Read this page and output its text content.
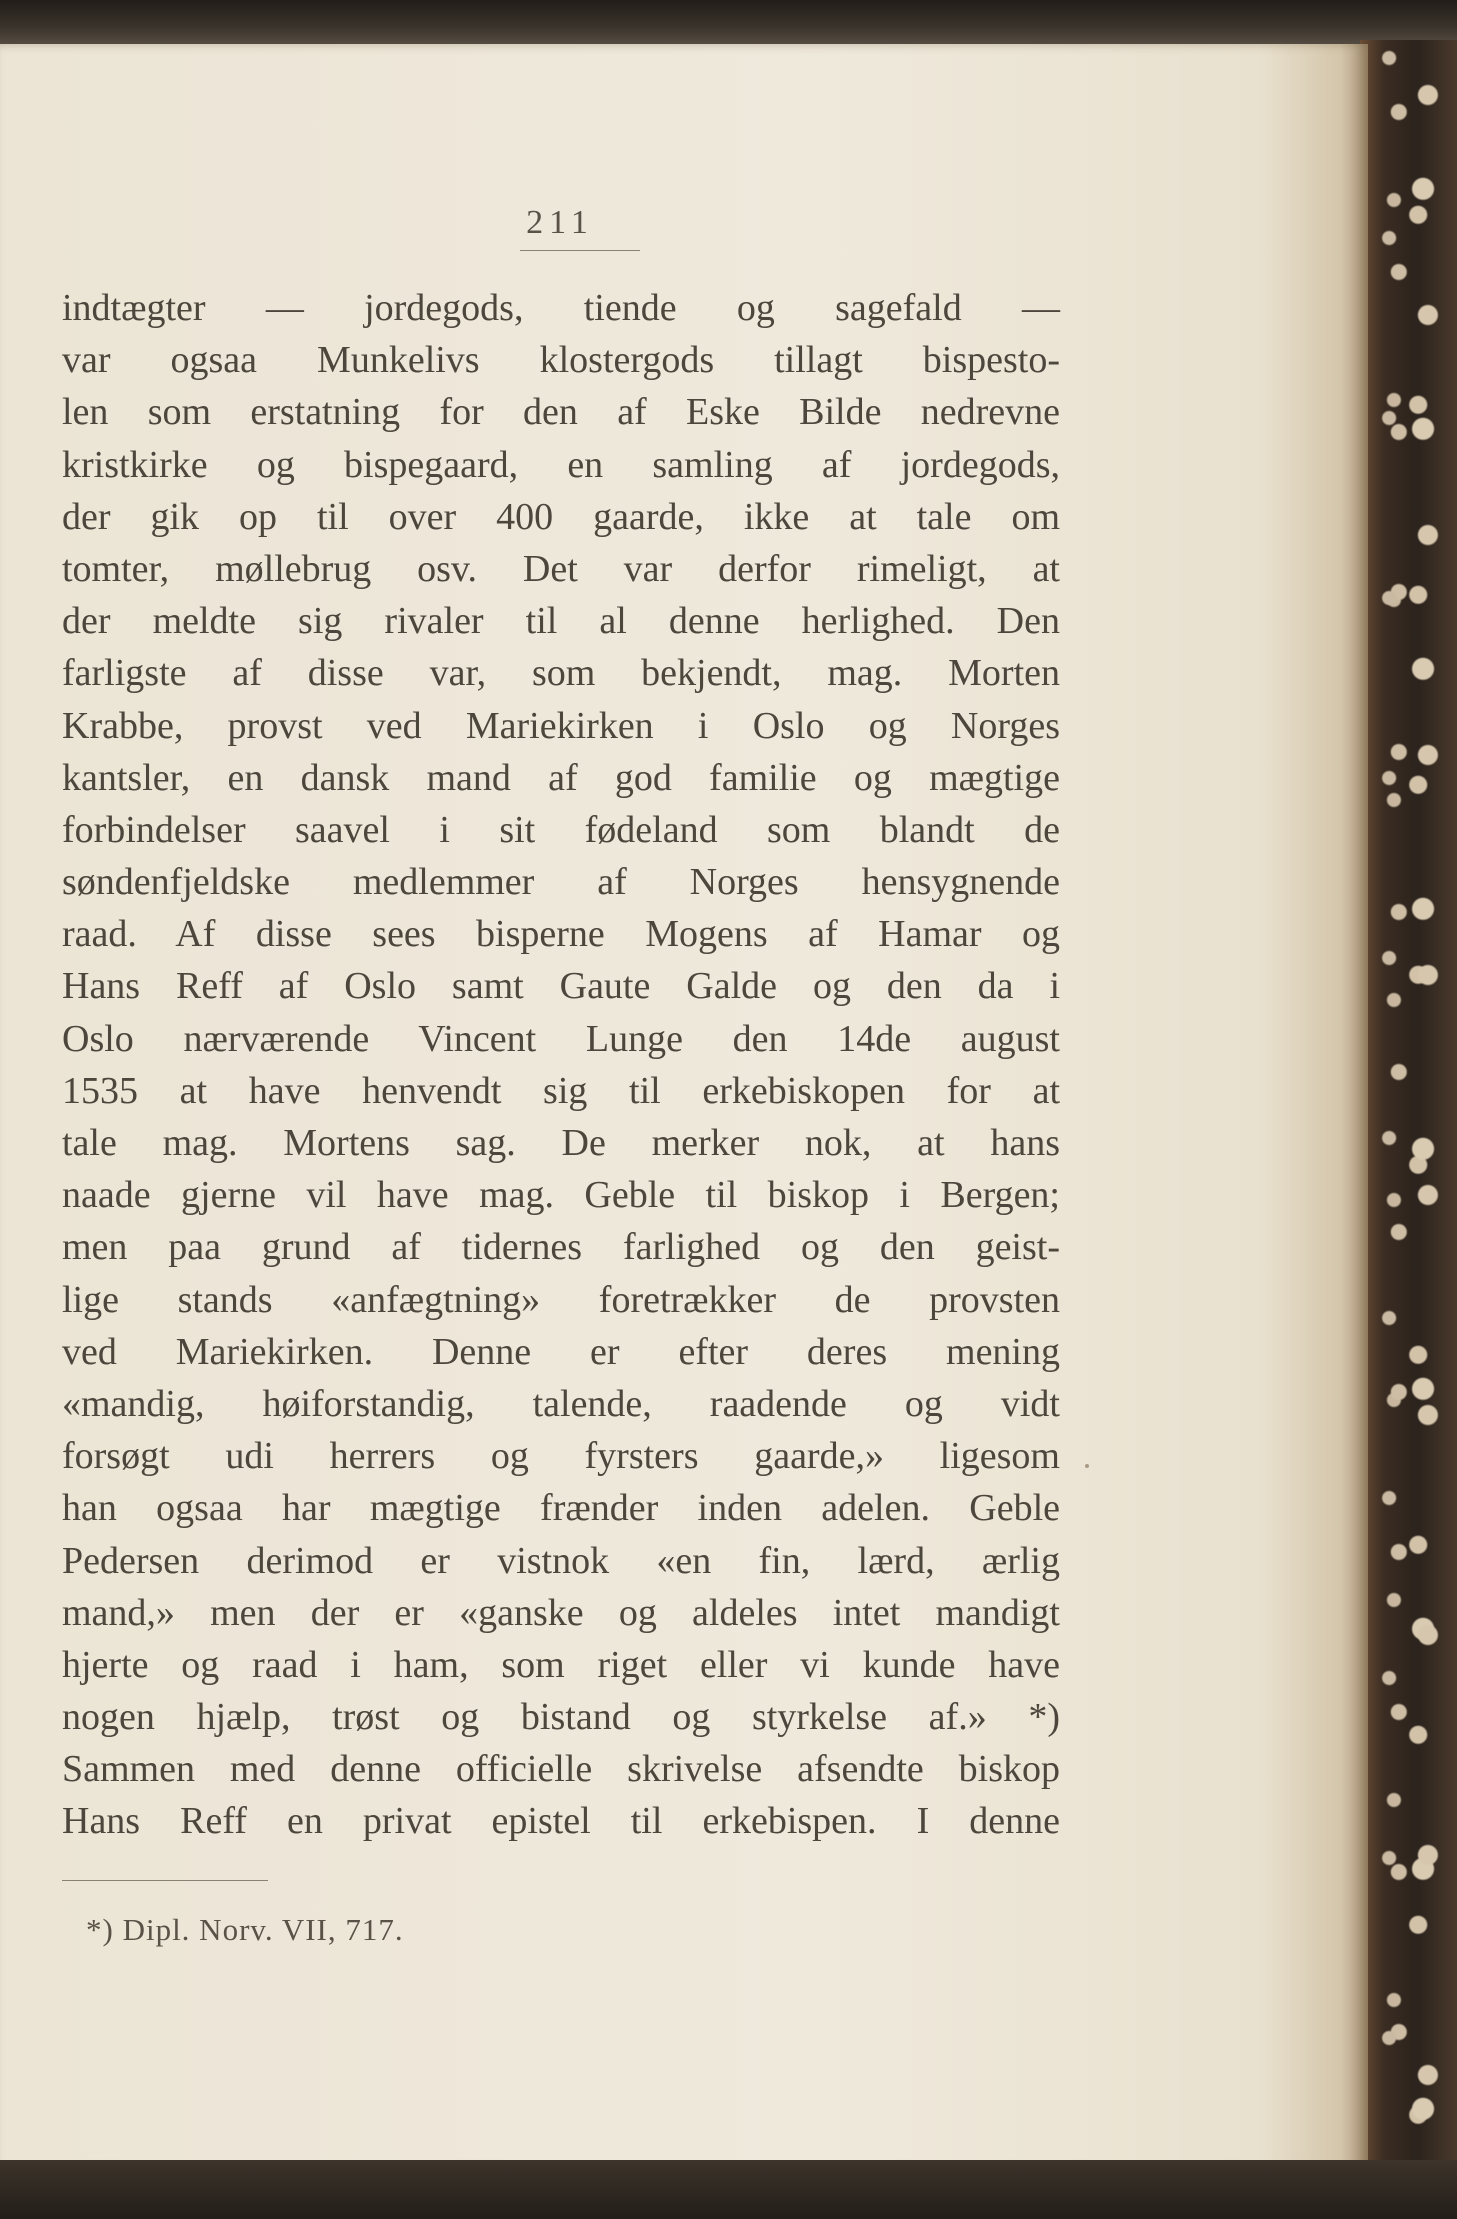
211
indtægter — jordegods, tiende og sagefald —
var ogsaa Munkelivs klostergods tillagt bispesto-
len som erstatning for den af Eske Bilde nedrevne
kristkirke og bispegaard, en samling af jordegods,
der gik op til over 400 gaarde, ikke at tale om
tomter, møllebrug osv. Det var derfor rimeligt, at
der meldte sig rivaler til al denne herlighed. Den
farligste af disse var, som bekjendt, mag. Morten
Krabbe, provst ved Mariekirken i Oslo og Norges
kantsler, en dansk mand af god familie og mægtige
forbindelser saavel i sit fødeland som blandt de
søndenfjeldske medlemmer af Norges hensygnende
raad. Af disse sees bisperne Mogens af Hamar og
Hans Reff af Oslo samt Gaute Galde og den da i
Oslo nærværende Vincent Lunge den 14de august
1535 at have henvendt sig til erkebiskopen for at
tale mag. Mortens sag. De merker nok, at hans
naade gjerne vil have mag. Geble til biskop i Bergen;
men paa grund af tidernes farlighed og den geist-
lige stands «anfægtning» foretrækker de provsten
ved Mariekirken. Denne er efter deres mening
«mandig, høiforstandig, talende, raadende og vidt
forsøgt udi herrers og fyrsters gaarde,» ligesom
han ogsaa har mægtige frænder inden adelen. Geble
Pedersen derimod er vistnok «en fin, lærd, ærlig
mand,» men der er «ganske og aldeles intet mandigt
hjerte og raad i ham, som riget eller vi kunde have
nogen hjælp, trøst og bistand og styrkelse af.» *)
Sammen med denne officielle skrivelse afsendte biskop
Hans Reff en privat epistel til erkebispen. I denne
*) Dipl. Norv. VII, 717.
